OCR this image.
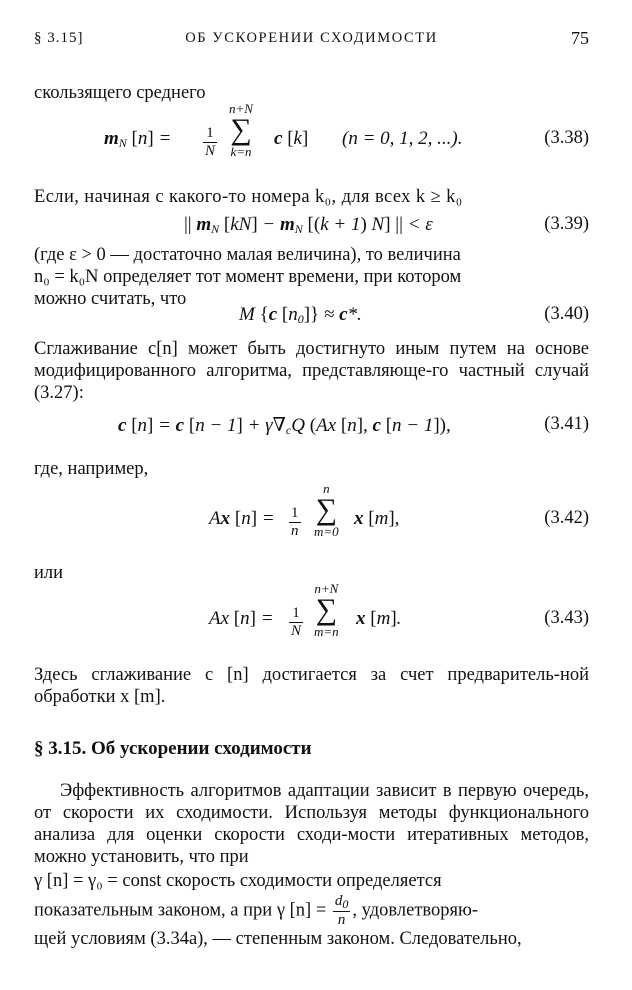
§ 3.15]	ОБ УСКОРЕНИИ СХОДИМОСТИ	75

скользящего среднего

$m_N$ $[n] = \frac{1}{N}$
n+N
∑
k=n
c [k] (n = 0, 1, 2, ...).	(3.38)

Если, начиная с какого-то номера k₀, для всех k ≥ k₀

|| $m_N$ $[kN] - m_N$ [(k + 1) N] || < ε	(3.39)

(где ε > 0 — достаточно малая величина), то величина

n₀ = k₀N определяет тот момент времени, при котором

можно считать, что

M {c $[n_0]\} \approx c*$.	(3.40)

Сглаживание c[n] может быть достигнуто иным путем на основе модифицированного алгоритма, представляюще-го частный случай (3.27):

c [n] = c $[n - 1] + \gamma\nabla_cQ$ (Ax [n], c [n − 1]),	(3.41)

где, например,

Ax $[n] = \frac{1}{n}$
n
∑
m=0
x [m],	(3.42)

или

Ax $[n] = \frac{1}{N}$
n+N
∑
m=n
x [m].	(3.43)

Здесь сглаживание c [n] достигается за счет предваритель-ной обработки x [m].

§ 3.15. Об ускорении сходимости

Эффективность алгоритмов адаптации зависит в первую очередь, от скорости их сходимости. Используя методы функционального анализа для оценки скорости сходи-мости итеративных методов, можно установить, что при

γ [n] = γ₀ = const скорость сходимости определяется

показательным законом, а при γ $[n] = \frac{d_0}{n}$ , удовлетворяю-

щей условиям (3.34а), — степенным законом. Следовательно,
